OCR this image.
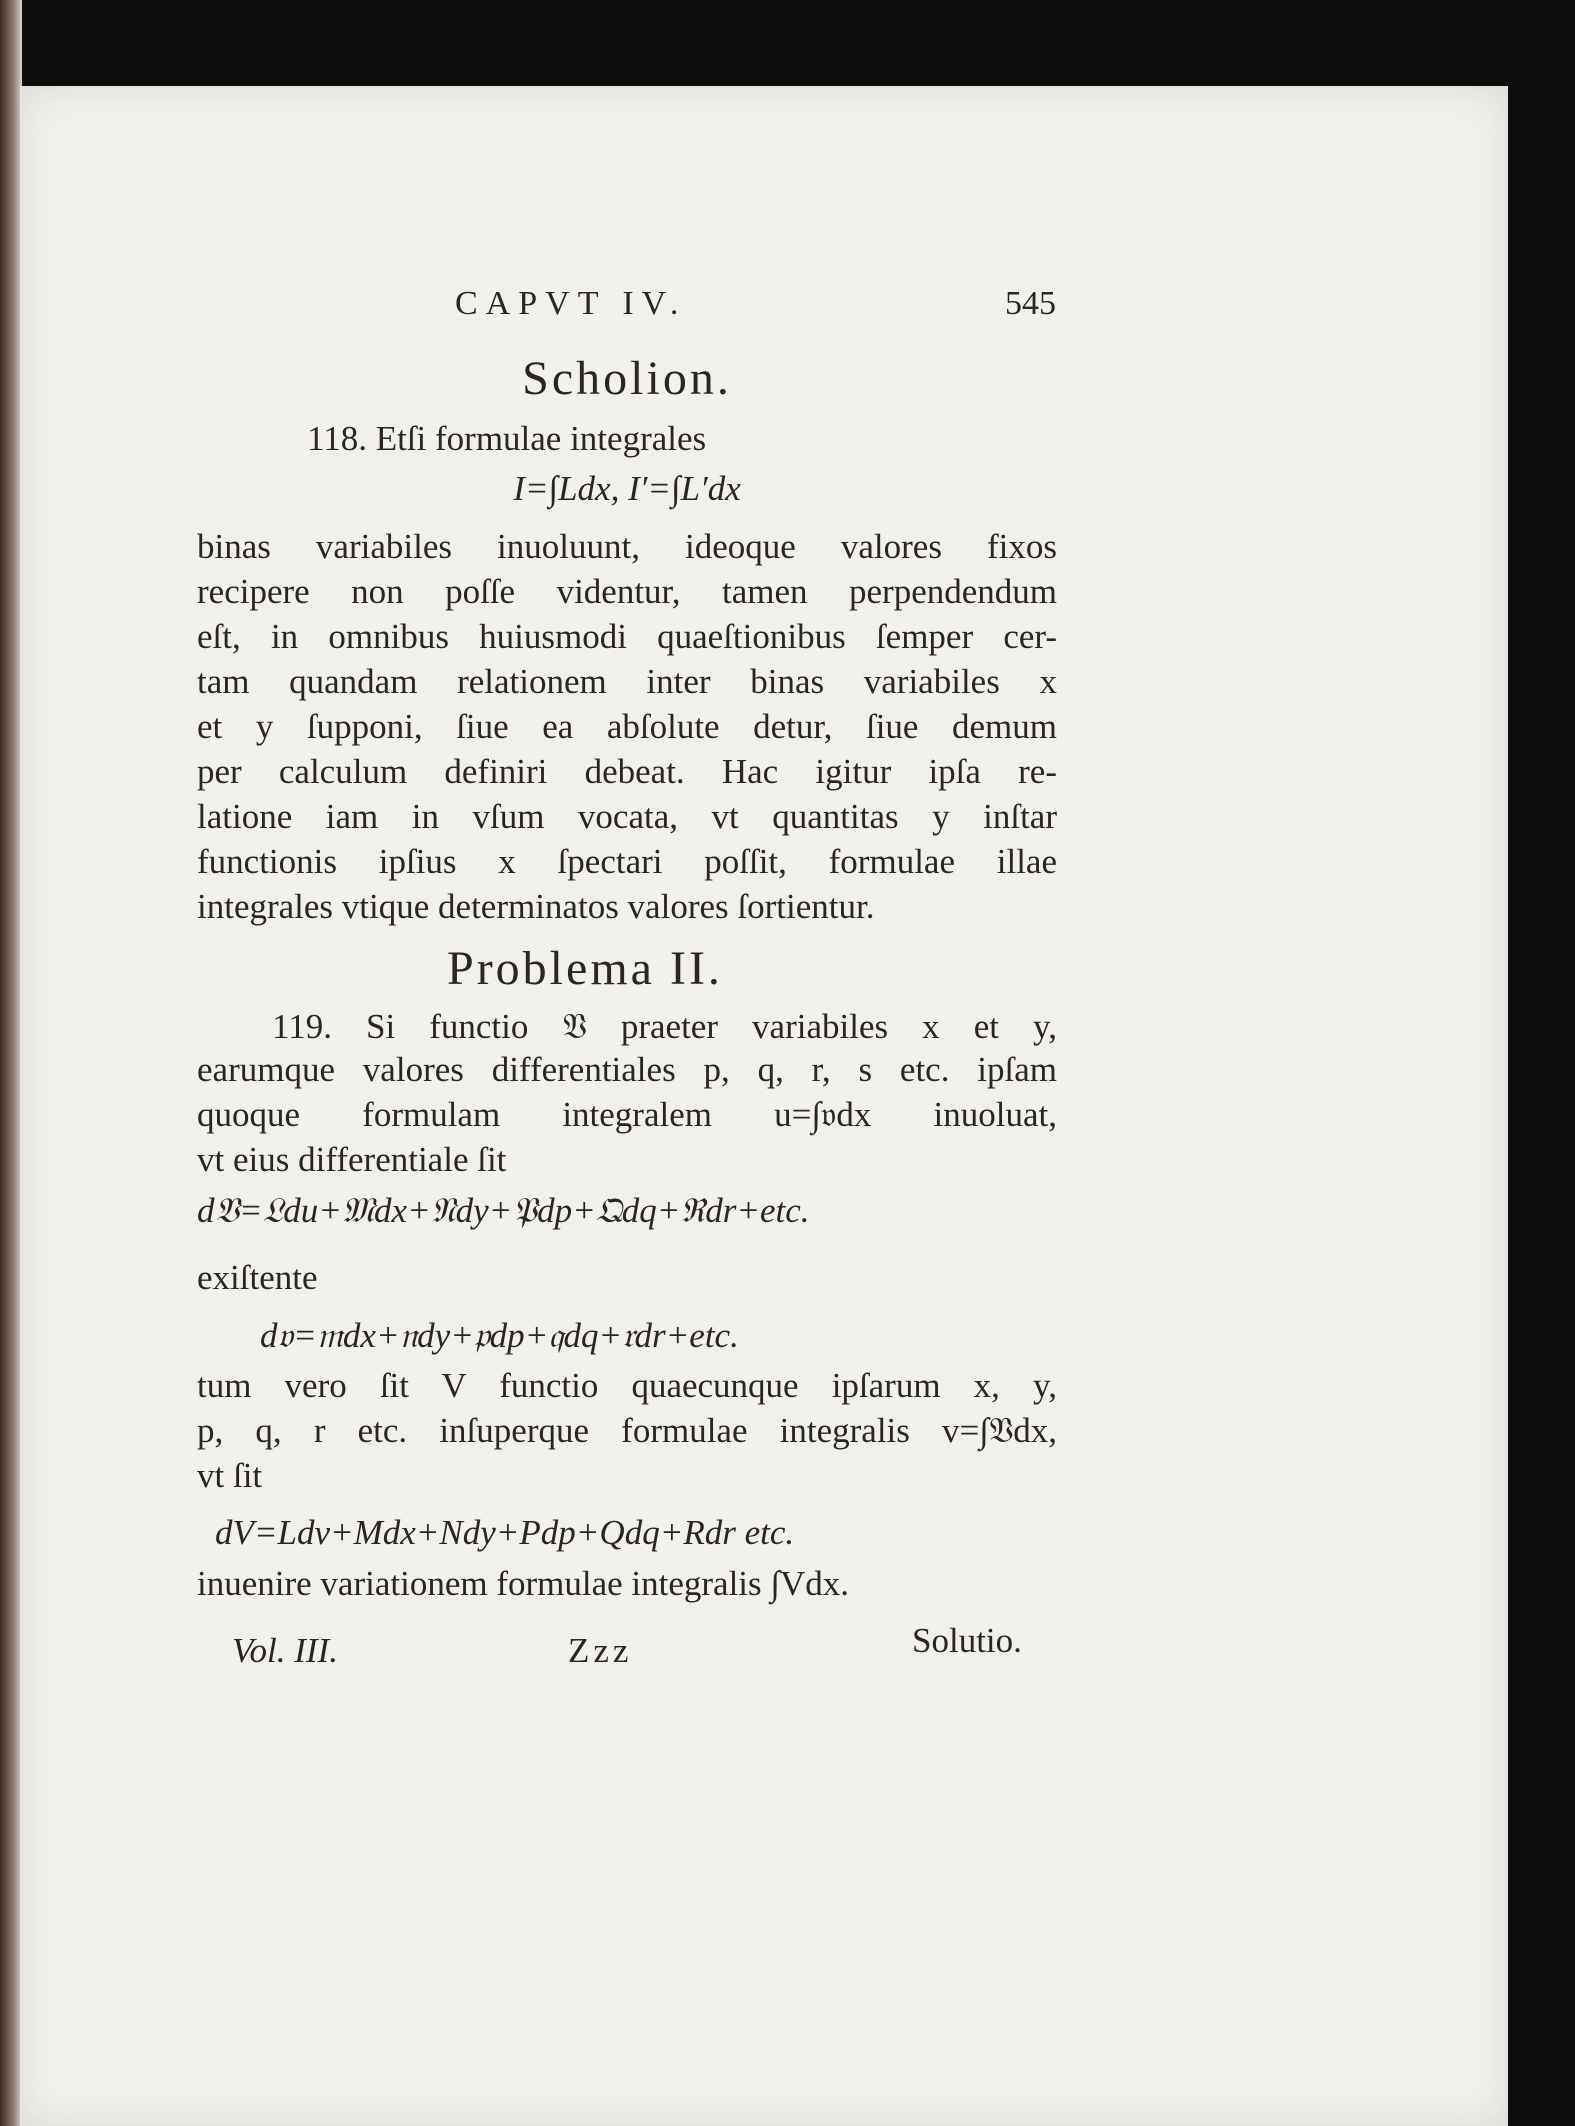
CAPVT IV.	545
Scholion.
118. Etſi formulae integrales
I=∫Ldx, I′=∫L′dx
binas variabiles inuoluunt, ideoque valores fixos
recipere non poſſe videntur, tamen perpendendum
eſt, in omnibus huiusmodi quaeſtionibus ſemper cer-
tam quandam relationem inter binas variabiles x
et y ſupponi, ſiue ea abſolute detur, ſiue demum
per calculum definiri debeat. Hac igitur ipſa re-
latione iam in vſum vocata, vt quantitas y inſtar
functionis ipſius x ſpectari poſſit, formulae illae
integrales vtique determinatos valores ſortientur.
Problema II.
119. Si functio 𝔙 praeter variabiles x et y,
earumque valores differentiales p, q, r, s etc. ipſam
quoque formulam integralem u=∫𝔳dx inuoluat,
vt eius differentiale ſit
d𝔙=𝔏du+𝔐dx+𝔑dy+𝔓dp+𝔔dq+ℜdr+etc.
exiſtente
d𝔳=𝔪dx+𝔫dy+𝔭dp+𝔮dq+𝔯dr+etc.
tum vero ſit V functio quaecunque ipſarum x, y,
p, q, r etc. inſuperque formulae integralis v=∫𝔙dx,
vt ſit
dV=Ldv+Mdx+Ndy+Pdp+Qdq+Rdr etc.
inuenire variationem formulae integralis ∫Vdx.
Vol. III.	Zzz	Solutio.
